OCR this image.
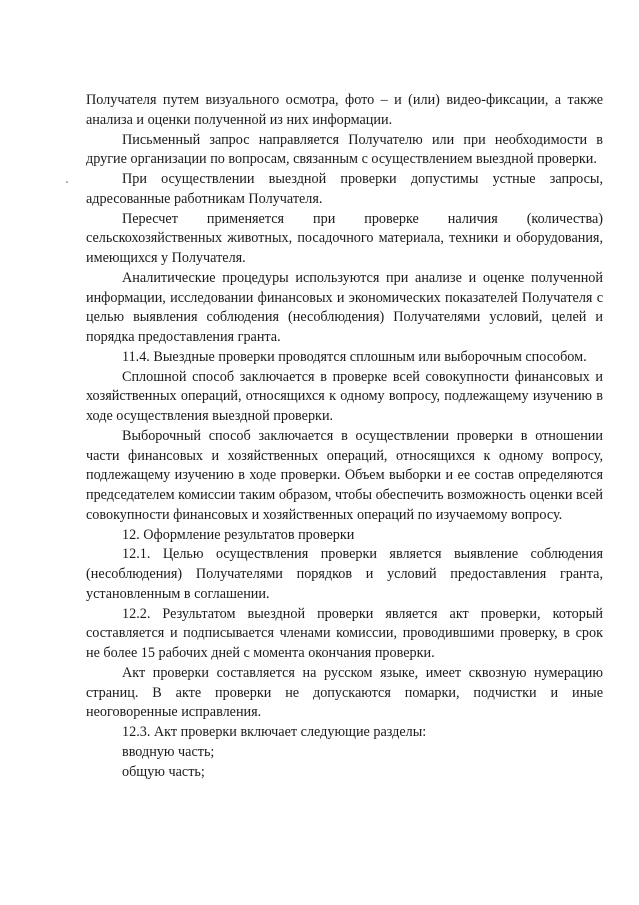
Получателя путем визуального осмотра, фото – и (или) видео-фиксации, а также анализа и оценки полученной из них информации.

Письменный запрос направляется Получателю или при необходимости в другие организации по вопросам, связанным с осуществлением выездной проверки.

При осуществлении выездной проверки допустимы устные запросы, адресованные работникам Получателя.

Пересчет применяется при проверке наличия (количества) сельскохозяйственных животных, посадочного материала, техники и оборудования, имеющихся у Получателя.

Аналитические процедуры используются при анализе и оценке полученной информации, исследовании финансовых и экономических показателей Получателя с целью выявления соблюдения (несоблюдения) Получателями условий, целей и порядка предоставления гранта.

11.4. Выездные проверки проводятся сплошным или выборочным способом.

Сплошной способ заключается в проверке всей совокупности финансовых и хозяйственных операций, относящихся к одному вопросу, подлежащему изучению в ходе осуществления выездной проверки.

Выборочный способ заключается в осуществлении проверки в отношении части финансовых и хозяйственных операций, относящихся к одному вопросу, подлежащему изучению в ходе проверки. Объем выборки и ее состав определяются председателем комиссии таким образом, чтобы обеспечить возможность оценки всей совокупности финансовых и хозяйственных операций по изучаемому вопросу.

12. Оформление результатов проверки

12.1. Целью осуществления проверки является выявление соблюдения (несоблюдения) Получателями порядков и условий предоставления гранта, установленным в соглашении.

12.2. Результатом выездной проверки является акт проверки, который составляется и подписывается членами комиссии, проводившими проверку, в срок не более 15 рабочих дней с момента окончания проверки.

Акт проверки составляется на русском языке, имеет сквозную нумерацию страниц. В акте проверки не допускаются помарки, подчистки и иные неоговоренные исправления.

12.3. Акт проверки включает следующие разделы:

вводную часть;

общую часть;
